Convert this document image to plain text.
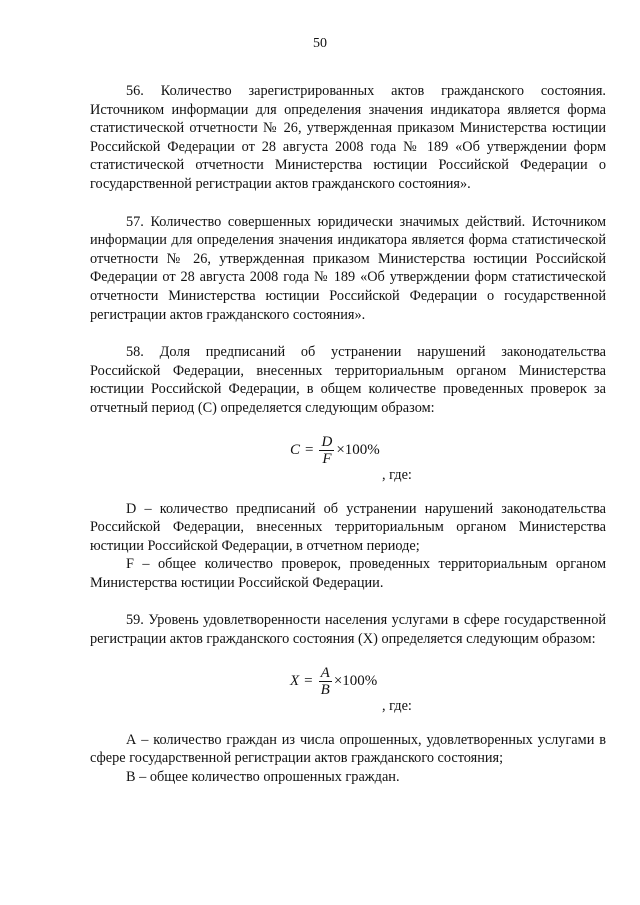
50

56. Количество зарегистрированных актов гражданского состояния. Источником информации для определения значения индикатора является форма статистической отчетности № 26, утвержденная приказом Министерства юстиции Российской Федерации от 28 августа 2008 года № 189 «Об утверждении форм статистической отчетности Министерства юстиции Российской Федерации о государственной регистрации актов гражданского состояния».

57. Количество совершенных юридически значимых действий. Источником информации для определения значения индикатора является форма статистической отчетности № 26, утвержденная приказом Министерства юстиции Российской Федерации от 28 августа 2008 года № 189 «Об утверждении форм статистической отчетности Министерства юстиции Российской Федерации о государственной регистрации актов гражданского состояния».

58. Доля предписаний об устранении нарушений законодательства Российской Федерации, внесенных территориальным органом Министерства юстиции Российской Федерации, в общем количестве проведенных проверок за отчетный период (С) определяется следующим образом:

$C = \frac{D}{F} \times 100\%$
, где:

D – количество предписаний об устранении нарушений законодательства Российской Федерации, внесенных территориальным органом Министерства юстиции Российской Федерации, в отчетном периоде;

F – общее количество проверок, проведенных территориальным органом Министерства юстиции Российской Федерации.

59. Уровень удовлетворенности населения услугами в сфере государственной регистрации актов гражданского состояния (X) определяется следующим образом:

$X = \frac{A}{B} \times 100\%$
, где:

А – количество граждан из числа опрошенных, удовлетворенных услугами в сфере государственной регистрации актов гражданского состояния;

В – общее количество опрошенных граждан.
